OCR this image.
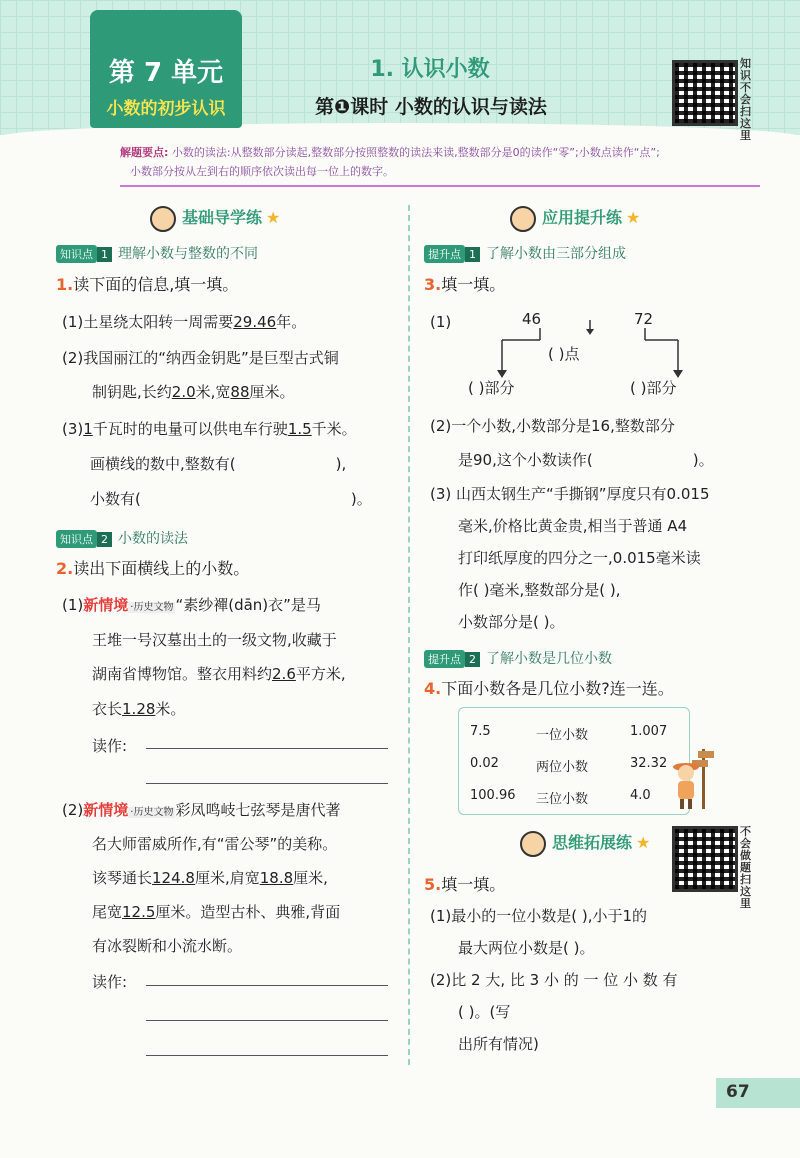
第 7 单元
小数的初步认识
1. 认识小数
第❶课时 小数的认识与读法
知识不会扫这里
解题要点: 小数的读法:从整数部分读起,整数部分按照整数的读法来读,整数部分是0的读作“零”;小数点读作“点”;
小数部分按从左到右的顺序依次读出每一位上的数字。
基础导学练 ★
知识点 1 理解小数与整数的不同
1.读下面的信息,填一填。
(1)土星绕太阳转一周需要29.46年。
(2)我国丽江的“纳西金钥匙”是巨型古式铜
制钥匙,长约2.0米,宽88厘米。
(3)1千瓦时的电量可以供电车行驶1.5千米。
画横线的数中,整数有(	),
小数有(	)。
知识点 2 小数的读法
2.读出下面横线上的小数。
(1)新情境 ·历史文物 “素纱襌(dān)衣”是马
王堆一号汉墓出土的一级文物,收藏于
湖南省博物馆。整衣用料约2.6平方米,
衣长1.28米。
读作:
(2)新情境 ·历史文物 彩凤鸣岐七弦琴是唐代著
名大师雷威所作,有“雷公琴”的美称。
该琴通长124.8厘米,肩宽18.8厘米,
尾宽12.5厘米。造型古朴、典雅,背面
有冰裂断和小流水断。
读作:
应用提升练 ★
提升点 1 了解小数由三部分组成
3.填一填。
(1)	46	72
( )点
( )部分	( )部分
(2)一个小数,小数部分是16,整数部分
是90,这个小数读作(	)。
(3) 山西太钢生产“手撕钢”厚度只有0.015
毫米,价格比黄金贵,相当于普通 A4
打印纸厚度的四分之一,0.015毫米读
作( )毫米,整数部分是( ),
小数部分是( )。
提升点 2 了解小数是几位小数
4.下面小数各是几位小数?连一连。
7.5
0.02
100.96
一位小数
两位小数
三位小数
1.007
32.32
4.0
思维拓展练 ★
不会做题扫这里
5.填一填。
(1)最小的一位小数是( ),小于1的
最大两位小数是( )。
(2)比 2 大, 比 3 小 的 一 位 小 数 有
( )。(写
出所有情况)
67
